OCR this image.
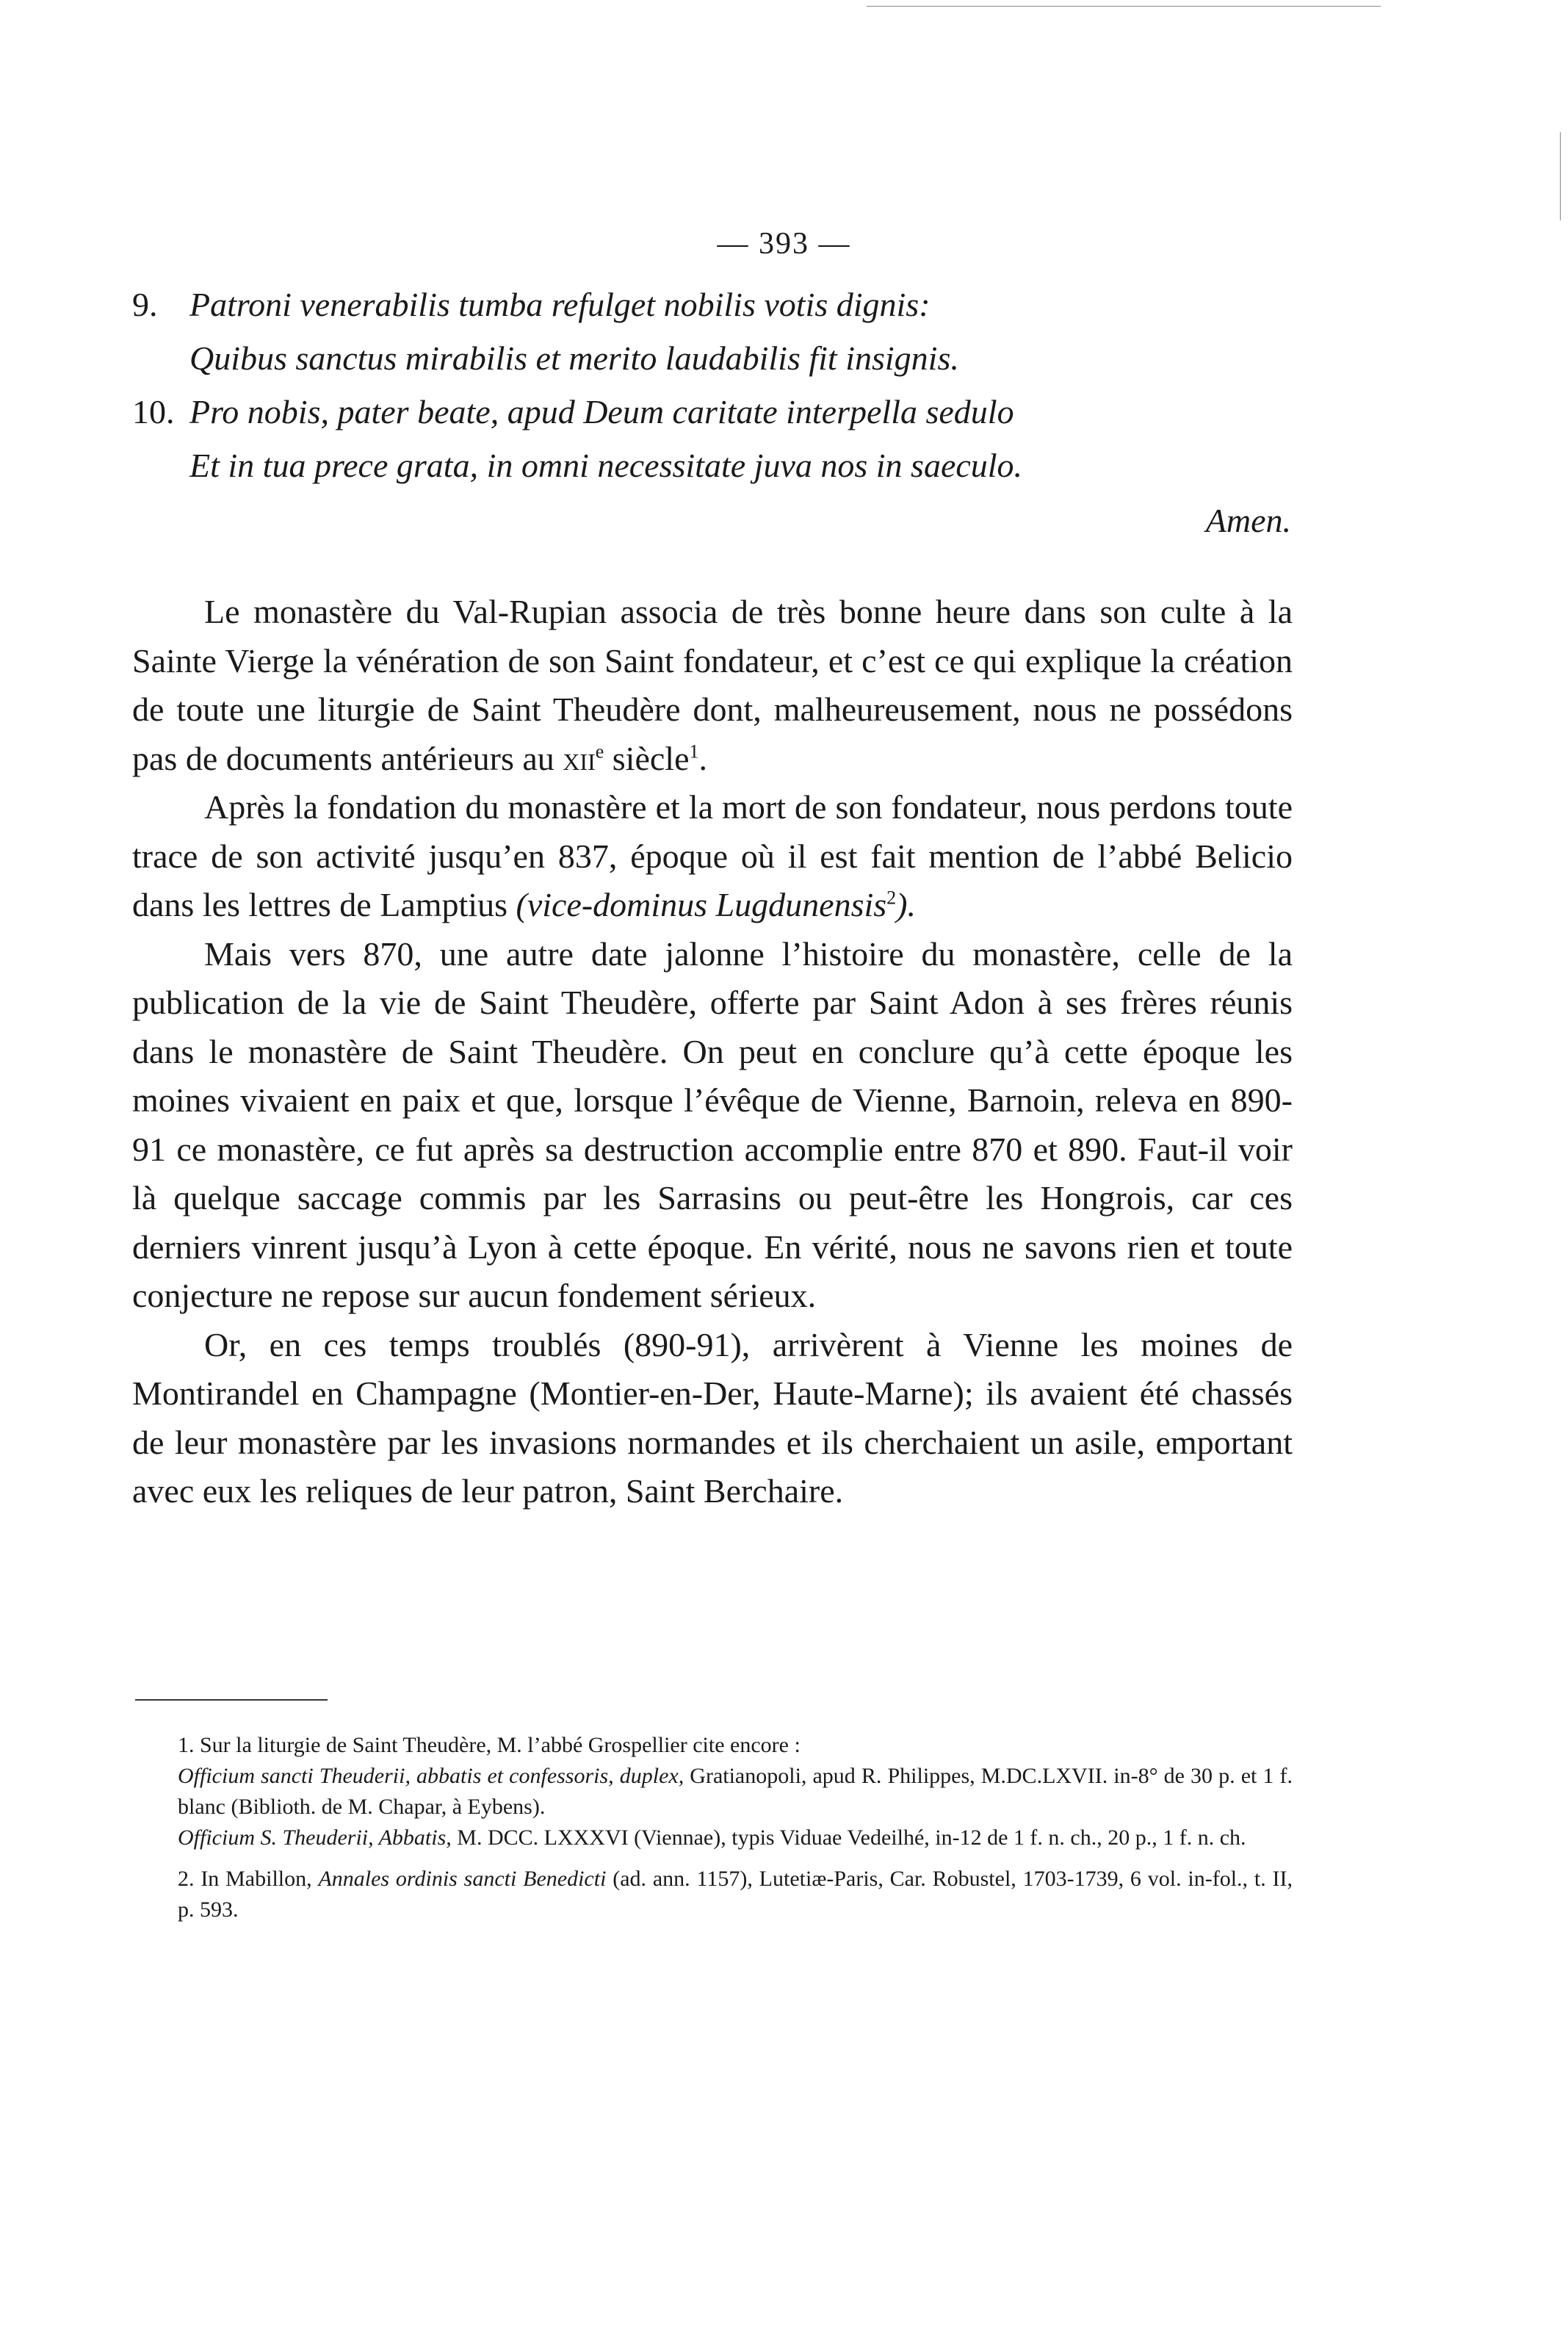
— 393 —
9. Patroni venerabilis tumba refulget nobilis votis dignis:
Quibus sanctus mirabilis et merito laudabilis fit insignis.
10. Pro nobis, pater beate, apud Deum caritate interpella sedulo
Et in tua prece grata, in omni necessitate juva nos in saeculo.
Amen.

Le monastère du Val-Rupian associa de très bonne heure dans son culte à la Sainte Vierge la vénération de son Saint fondateur, et c’est ce qui explique la création de toute une liturgie de Saint Theudère dont, malheureusement, nous ne possédons pas de documents antérieurs au xii$^e$ siècle$^1$.

Après la fondation du monastère et la mort de son fondateur, nous perdons toute trace de son activité jusqu’en 837, époque où il est fait mention de l’abbé Belicio dans les lettres de Lamptius (vice-dominus Lugdunensis$^2$).

Mais vers 870, une autre date jalonne l’histoire du monastère, celle de la publication de la vie de Saint Theudère, offerte par Saint Adon à ses frères réunis dans le monastère de Saint Theudère. On peut en conclure qu’à cette époque les moines vivaient en paix et que, lorsque l’évêque de Vienne, Barnoin, releva en 890-91 ce monastère, ce fut après sa destruction accomplie entre 870 et 890. Faut-il voir là quelque saccage commis par les Sarrasins ou peut-être les Hongrois, car ces derniers vinrent jusqu’à Lyon à cette époque. En vérité, nous ne savons rien et toute conjecture ne repose sur aucun fondement sérieux.

Or, en ces temps troublés (890-91), arrivèrent à Vienne les moines de Montirandel en Champagne (Montier-en-Der, Haute-Marne); ils avaient été chassés de leur monastère par les invasions normandes et ils cherchaient un asile, emportant avec eux les reliques de leur patron, Saint Berchaire.

1. Sur la liturgie de Saint Theudère, M. l’abbé Grospellier cite encore :
Officium sancti Theuderii, abbatis et confessoris, duplex, Gratianopoli, apud R. Philippes, M.DC.LXVII. in-8° de 30 p. et 1 f. blanc (Biblioth. de M. Chapar, à Eybens).
Officium S. Theuderii, Abbatis, M. DCC. LXXXVI (Viennae), typis Viduae Vedeilhé, in-12 de 1 f. n. ch., 20 p., 1 f. n. ch.
2. In Mabillon, Annales ordinis sancti Benedicti (ad. ann. 1157), Lutetiæ-Paris, Car. Robustel, 1703-1739, 6 vol. in-fol., t. II, p. 593.
